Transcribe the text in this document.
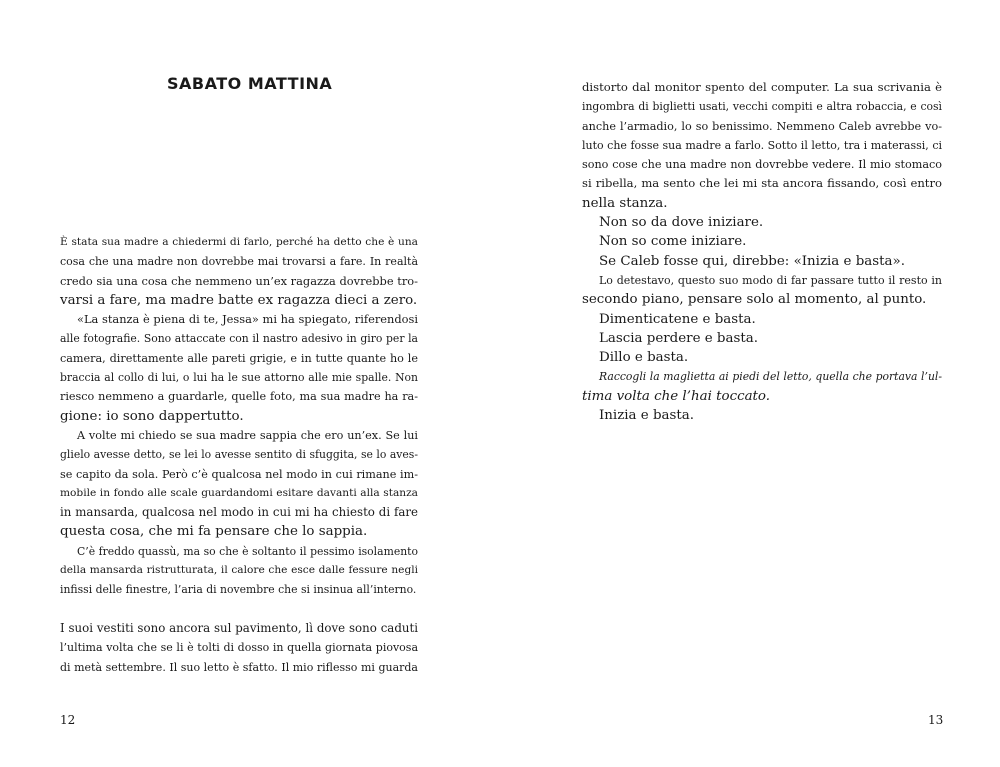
SABATO MATTINA
È stata sua madre a chiedermi di farlo, perché ha detto che è una
cosa che una madre non dovrebbe mai trovarsi a fare. In realtà
credo sia una cosa che nemmeno un’ex ragazza dovrebbe tro-
varsi a fare, ma madre batte ex ragazza dieci a zero.
«La stanza è piena di te, Jessa» mi ha spiegato, riferendosi
alle fotografie. Sono attaccate con il nastro adesivo in giro per la
camera, direttamente alle pareti grigie, e in tutte quante ho le
braccia al collo di lui, o lui ha le sue attorno alle mie spalle. Non
riesco nemmeno a guardarle, quelle foto, ma sua madre ha ra-
gione: io sono dappertutto.
A volte mi chiedo se sua madre sappia che ero un’ex. Se lui
glielo avesse detto, se lei lo avesse sentito di sfuggita, se lo aves-
se capito da sola. Però c’è qualcosa nel modo in cui rimane im-
mobile in fondo alle scale guardandomi esitare davanti alla stanza
in mansarda, qualcosa nel modo in cui mi ha chiesto di fare
questa cosa, che mi fa pensare che lo sappia.
C’è freddo quassù, ma so che è soltanto il pessimo isolamento
della mansarda ristrutturata, il calore che esce dalle fessure negli
infissi delle finestre, l’aria di novembre che si insinua all’interno.
I suoi vestiti sono ancora sul pavimento, lì dove sono caduti
l’ultima volta che se li è tolti di dosso in quella giornata piovosa
di metà settembre. Il suo letto è sfatto. Il mio riflesso mi guarda
12
distorto dal monitor spento del computer. La sua scrivania è
ingombra di biglietti usati, vecchi compiti e altra robaccia, e così
anche l’armadio, lo so benissimo. Nemmeno Caleb avrebbe vo-
luto che fosse sua madre a farlo. Sotto il letto, tra i materassi, ci
sono cose che una madre non dovrebbe vedere. Il mio stomaco
si ribella, ma sento che lei mi sta ancora fissando, così entro
nella stanza.
Non so da dove iniziare.
Non so come iniziare.
Se Caleb fosse qui, direbbe: «Inizia e basta».
Lo detestavo, questo suo modo di far passare tutto il resto in
secondo piano, pensare solo al momento, al punto.
Dimenticatene e basta.
Lascia perdere e basta.
Dillo e basta.
Raccogli la maglietta ai piedi del letto, quella che portava l’ul-
tima volta che l’hai toccato.
Inizia e basta.
13
